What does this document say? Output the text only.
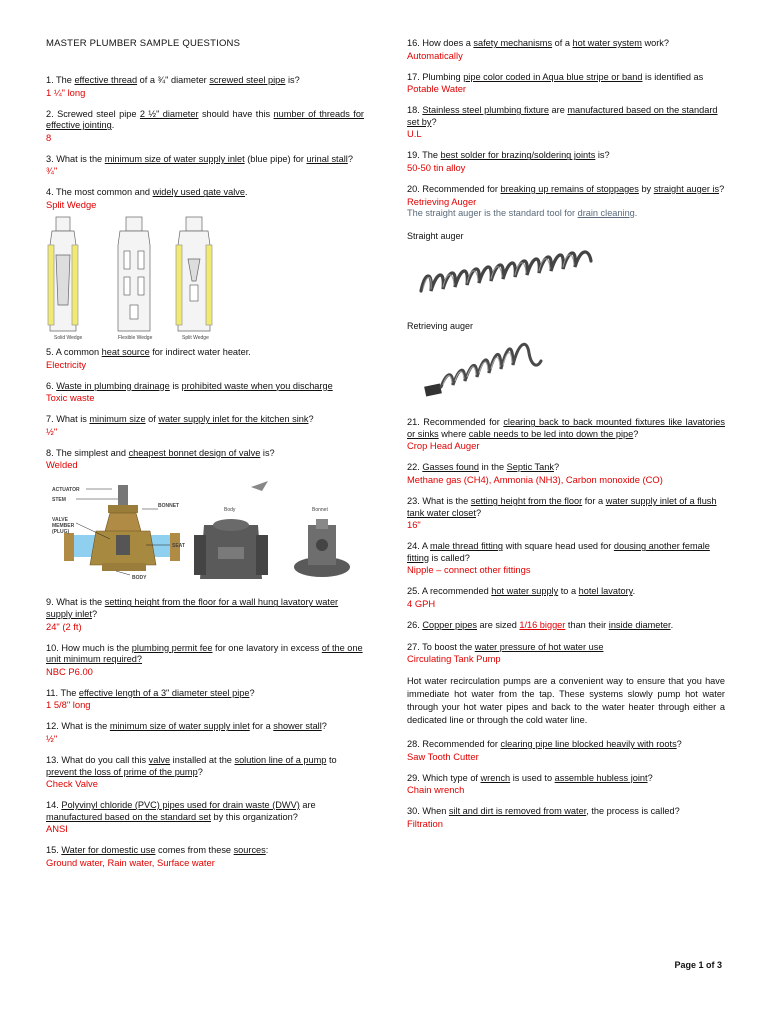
MASTER PLUMBER SAMPLE QUESTIONS
1. The effective thread of a ¾" diameter screwed steel pipe is?
1 ¼" long
2. Screwed steel pipe 2 ½" diameter should have this number of threads for effective jointing.
8
3. What is the minimum size of water supply inlet (blue pipe) for urinal stall?
¾"
4. The most common and widely used gate valve.
Split Wedge
Solid Wedge	Flexible Wedge	Split Wedge
5. A common heat source for indirect water heater.
Electricity
6. Waste in plumbing drainage is prohibited waste when you discharge
Toxic waste
7. What is minimum size of water supply inlet for the kitchen sink?
½"
8. The simplest and cheapest bonnet design of valve is?
Welded
ACTUATOR
STEM
BONNET
VALVE
MEMBER
(PLUG)
SEAT
BODY
Body	Bonnet
9. What is the setting height from the floor for a wall hung lavatory water supply inlet?
24" (2 ft)
10. How much is the plumbing permit fee for one lavatory in excess of the one unit minimum required?
NBC P6.00
11. The effective length of a 3" diameter steel pipe?
1 5/8" long
12. What is the minimum size of water supply inlet for a shower stall?
½"
13. What do you call this valve installed at the solution line of a pump to prevent the loss of prime of the pump?
Check Valve
14. Polyvinyl chloride (PVC) pipes used for drain waste (DWV) are manufactured based on the standard set by this organization?
ANSI
15. Water for domestic use comes from these sources:
Ground water, Rain water, Surface water
16. How does a safety mechanisms of a hot water system work?
Automatically
17. Plumbing pipe color coded in Aqua blue stripe or band is identified as
Potable Water
18. Stainless steel plumbing fixture are manufactured based on the standard set by?
U.L
19. The best solder for brazing/soldering joints is?
50-50 tin alloy
20. Recommended for breaking up remains of stoppages by straight auger is?
Retrieving Auger
The straight auger is the standard tool for drain cleaning.
Straight auger
Retrieving auger
21. Recommended for clearing back to back mounted fixtures like lavatories or sinks where cable needs to be led into down the pipe?
Crop Head Auger
22. Gasses found in the Septic Tank?
Methane gas (CH4), Ammonia (NH3), Carbon monoxide (CO)
23. What is the setting height from the floor for a water supply inlet of a flush tank water closet?
16"
24. A male thread fitting with square head used for dousing another female fitting is called?
Nipple – connect other fittings
25. A recommended hot water supply to a hotel lavatory.
4 GPH
26. Copper pipes are sized 1/16 bigger than their inside diameter.
27. To boost the water pressure of hot water use
Circulating Tank Pump
Hot water recirculation pumps are a convenient way to ensure that you have immediate hot water from the tap. These systems slowly pump hot water through your hot water pipes and back to the water heater through either a dedicated line or through the cold water line.
28. Recommended for clearing pipe line blocked heavily with roots?
Saw Tooth Cutter
29. Which type of wrench is used to assemble hubless joint?
Chain wrench
30. When silt and dirt is removed from water, the process is called?
Filtration
Page 1 of 3
